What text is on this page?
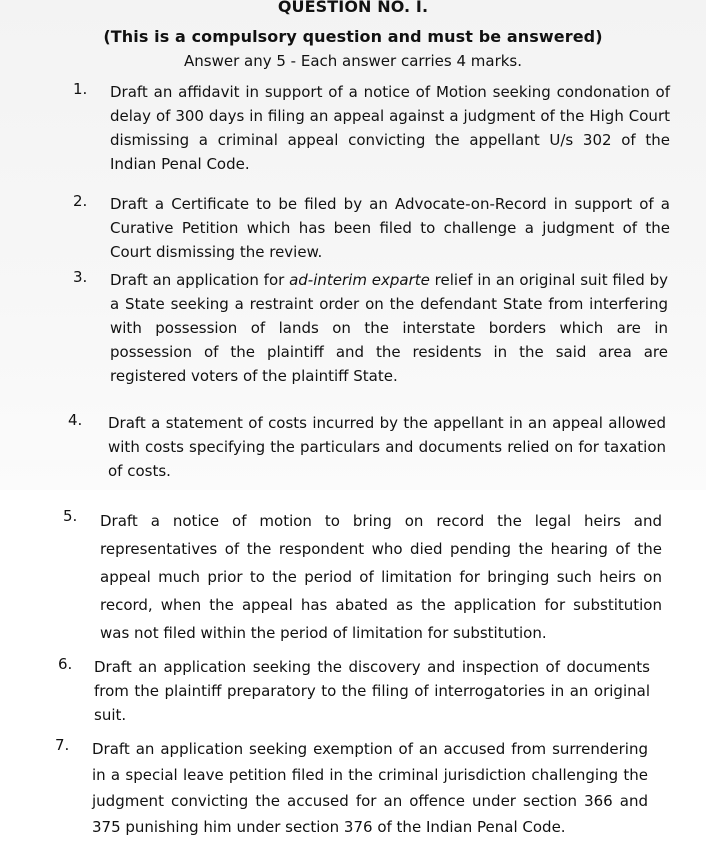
QUESTION NO. I.
(This is a compulsory question and must be answered)
Answer any 5 - Each answer carries 4 marks.
1. Draft an affidavit in support of a notice of Motion seeking condonation of delay of 300 days in filing an appeal against a judgment of the High Court dismissing a criminal appeal convicting the appellant U/s 302 of the Indian Penal Code.
2. Draft a Certificate to be filed by an Advocate-on-Record in support of a Curative Petition which has been filed to challenge a judgment of the Court dismissing the review.
3. Draft an application for ad-interim exparte relief in an original suit filed by a State seeking a restraint order on the defendant State from interfering with possession of lands on the interstate borders which are in possession of the plaintiff and the residents in the said area are registered voters of the plaintiff State.
4. Draft a statement of costs incurred by the appellant in an appeal allowed with costs specifying the particulars and documents relied on for taxation of costs.
5. Draft a notice of motion to bring on record the legal heirs and representatives of the respondent who died pending the hearing of the appeal much prior to the period of limitation for bringing such heirs on record, when the appeal has abated as the application for substitution was not filed within the period of limitation for substitution.
6. Draft an application seeking the discovery and inspection of documents from the plaintiff preparatory to the filing of interrogatories in an original suit.
7. Draft an application seeking exemption of an accused from surrendering in a special leave petition filed in the criminal jurisdiction challenging the judgment convicting the accused for an offence under section 366 and 375 punishing him under section 376 of the Indian Penal Code.
